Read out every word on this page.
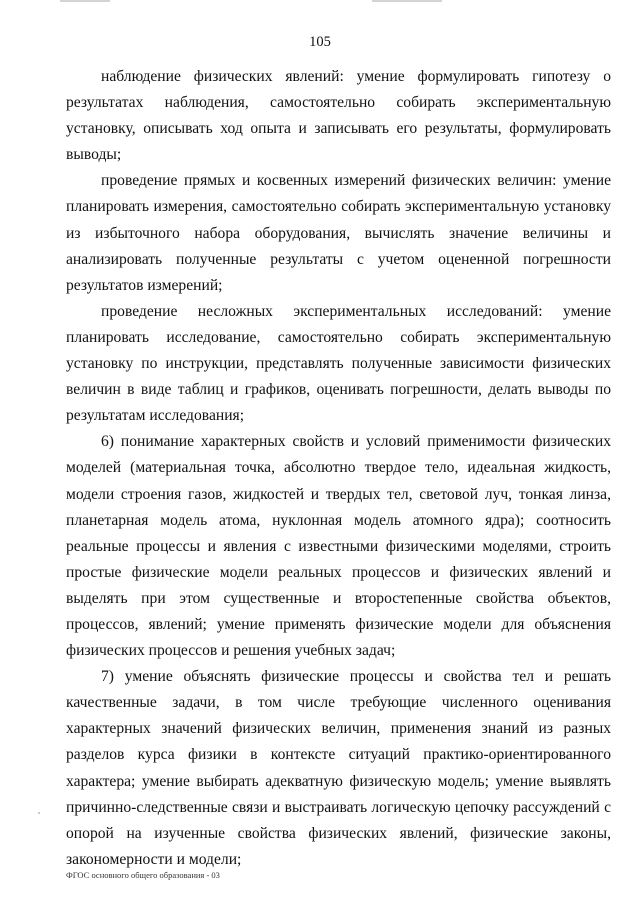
105

наблюдение физических явлений: умение формулировать гипотезу о результатах наблюдения, самостоятельно собирать экспериментальную установку, описывать ход опыта и записывать его результаты, формулировать выводы;

проведение прямых и косвенных измерений физических величин: умение планировать измерения, самостоятельно собирать экспериментальную установку из избыточного набора оборудования, вычислять значение величины и анализировать полученные результаты с учетом оцененной погрешности результатов измерений;

проведение несложных экспериментальных исследований: умение планировать исследование, самостоятельно собирать экспериментальную установку по инструкции, представлять полученные зависимости физических величин в виде таблиц и графиков, оценивать погрешности, делать выводы по результатам исследования;

6) понимание характерных свойств и условий применимости физических моделей (материальная точка, абсолютно твердое тело, идеальная жидкость, модели строения газов, жидкостей и твердых тел, световой луч, тонкая линза, планетарная модель атома, нуклонная модель атомного ядра); соотносить реальные процессы и явления с известными физическими моделями, строить простые физические модели реальных процессов и физических явлений и выделять при этом существенные и второстепенные свойства объектов, процессов, явлений; умение применять физические модели для объяснения физических процессов и решения учебных задач;

7) умение объяснять физические процессы и свойства тел и решать качественные задачи, в том числе требующие численного оценивания характерных значений физических величин, применения знаний из разных разделов курса физики в контексте ситуаций практико-ориентированного характера; умение выбирать адекватную физическую модель; умение выявлять причинно-следственные связи и выстраивать логическую цепочку рассуждений с опорой на изученные свойства физических явлений, физические законы, закономерности и модели;

ФГОС основного общего образования - 03
